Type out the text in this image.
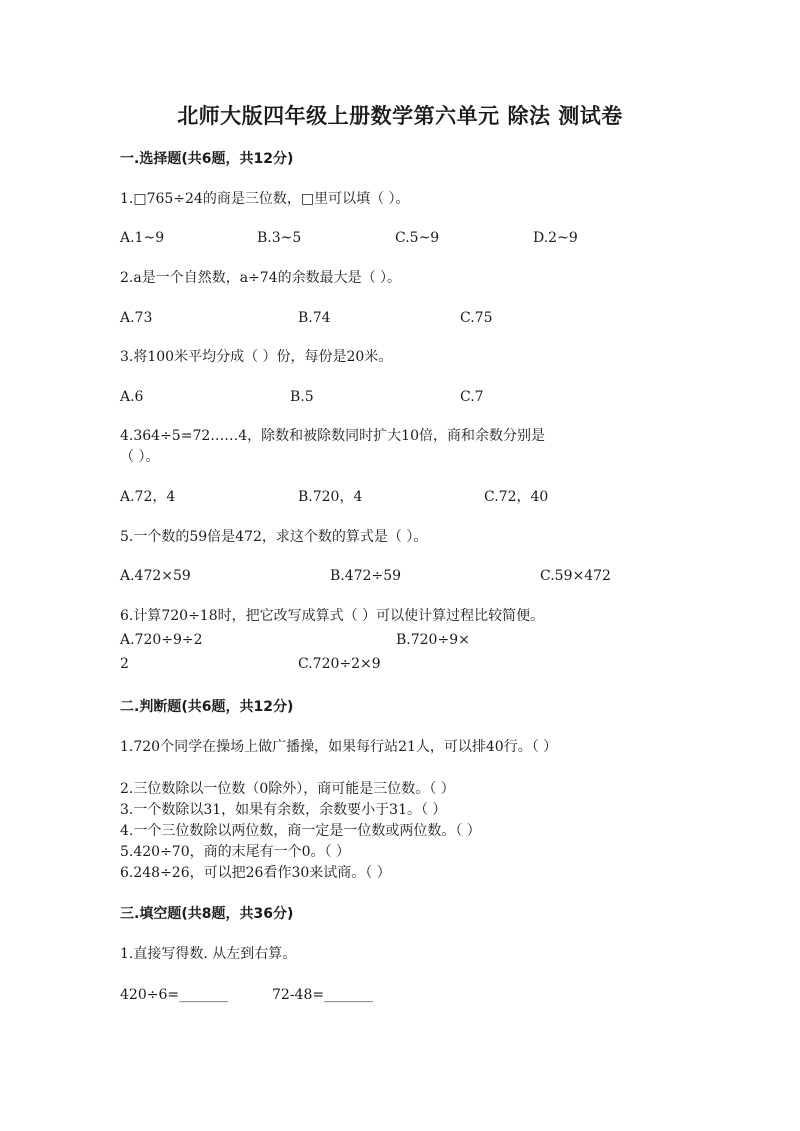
北师大版四年级上册数学第六单元 除法 测试卷
一.选择题(共6题，共12分)
1.□765÷24的商是三位数，□里可以填（ ）。
A.1~9	B.3~5	C.5~9	D.2~9
2.a是一个自然数，a÷74的余数最大是（ ）。
A.73	B.74	C.75
3.将100米平均分成（ ）份，每份是20米。
A.6	B.5	C.7
4.364÷5=72……4，除数和被除数同时扩大10倍，商和余数分别是
（ ）。
A.72，4	B.720，4	C.72，40
5.一个数的59倍是472，求这个数的算式是（ ）。
A.472×59	B.472÷59	C.59×472
6.计算720÷18时，把它改写成算式（ ）可以使计算过程比较简便。
A.720÷9÷2	B.720÷9×
2	C.720÷2×9
二.判断题(共6题，共12分)
1.720个同学在操场上做广播操，如果每行站21人，可以排40行。（ ）
2.三位数除以一位数（0除外），商可能是三位数。（ ）
3.一个数除以31，如果有余数，余数要小于31。（ ）
4.一个三位数除以两位数，商一定是一位数或两位数。（ ）
5.420÷70，商的末尾有一个0。（ ）
6.248÷26，可以把26看作30来试商。（ ）
三.填空题(共8题，共36分)
1.直接写得数. 从左到右算。
420÷6=_______	72-48=_______
